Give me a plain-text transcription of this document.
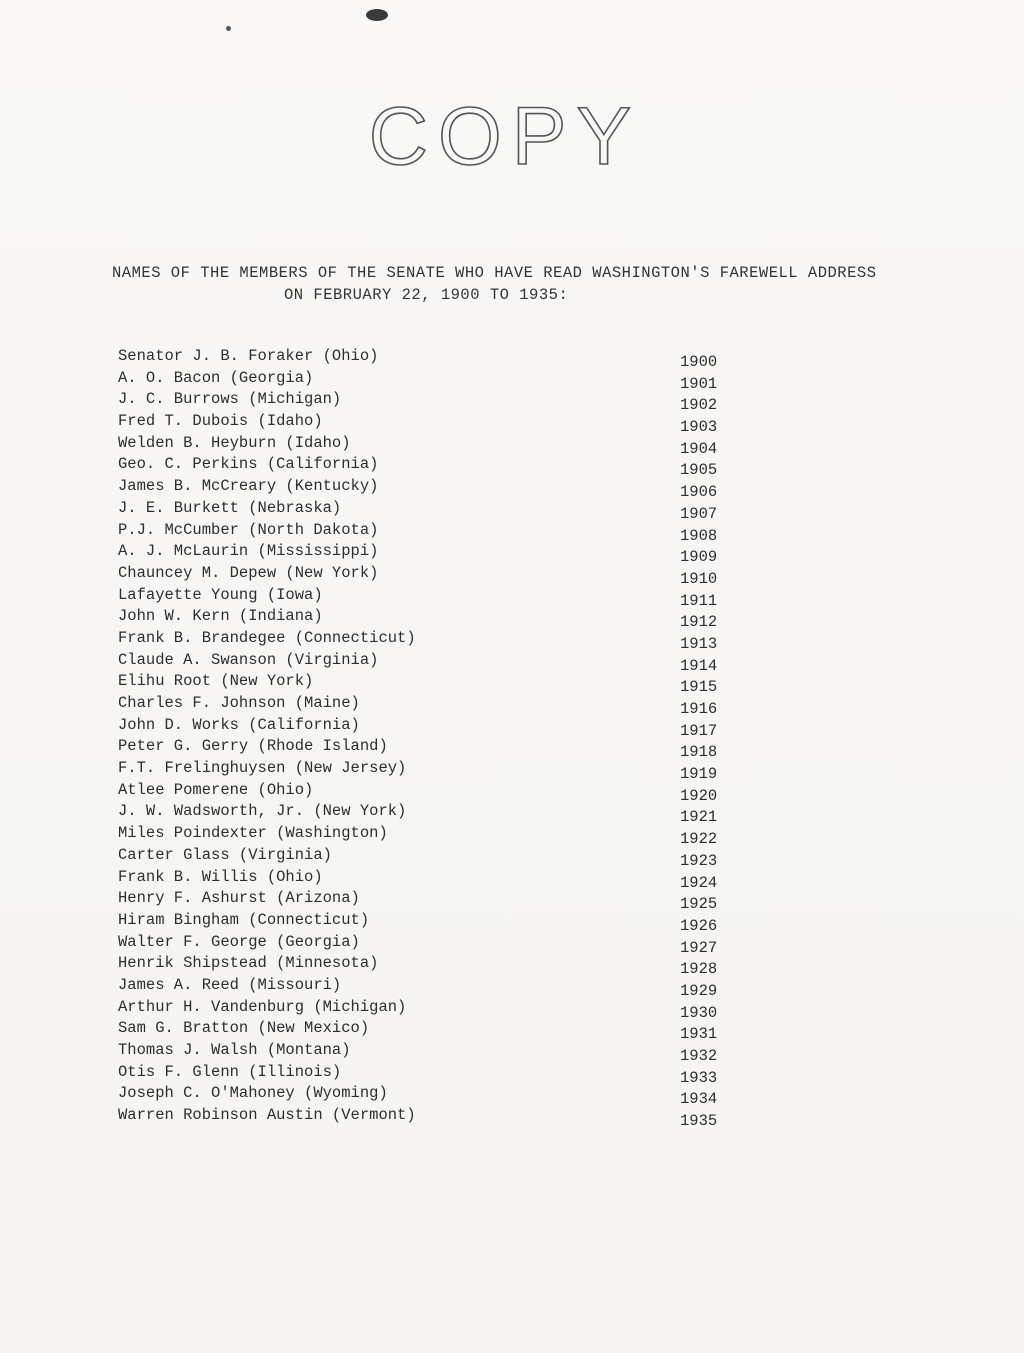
COPY
NAMES OF THE MEMBERS OF THE SENATE WHO HAVE READ WASHINGTON'S FAREWELL ADDRESS
ON FEBRUARY 22, 1900 TO 1935:
Senator J. B. Foraker (Ohio)	1900
A. O. Bacon (Georgia)	1901
J. C. Burrows (Michigan)	1902
Fred T. Dubois (Idaho)	1903
Welden B. Heyburn (Idaho)	1904
Geo. C. Perkins (California)	1905
James B. McCreary (Kentucky)	1906
J. E. Burkett (Nebraska)	1907
P.J. McCumber (North Dakota)	1908
A. J. McLaurin (Mississippi)	1909
Chauncey M. Depew (New York)	1910
Lafayette Young (Iowa)	1911
John W. Kern (Indiana)	1912
Frank B. Brandegee (Connecticut)	1913
Claude A. Swanson (Virginia)	1914
Elihu Root (New York)	1915
Charles F. Johnson (Maine)	1916
John D. Works (California)	1917
Peter G. Gerry (Rhode Island)	1918
F.T. Frelinghuysen (New Jersey)	1919
Atlee Pomerene (Ohio)	1920
J. W. Wadsworth, Jr. (New York)	1921
Miles Poindexter (Washington)	1922
Carter Glass (Virginia)	1923
Frank B. Willis (Ohio)	1924
Henry F. Ashurst (Arizona)	1925
Hiram Bingham (Connecticut)	1926
Walter F. George (Georgia)	1927
Henrik Shipstead (Minnesota)	1928
James A. Reed (Missouri)	1929
Arthur H. Vandenburg (Michigan)	1930
Sam G. Bratton (New Mexico)	1931
Thomas J. Walsh (Montana)	1932
Otis F. Glenn (Illinois)	1933
Joseph C. O'Mahoney (Wyoming)	1934
Warren Robinson Austin (Vermont)	1935
